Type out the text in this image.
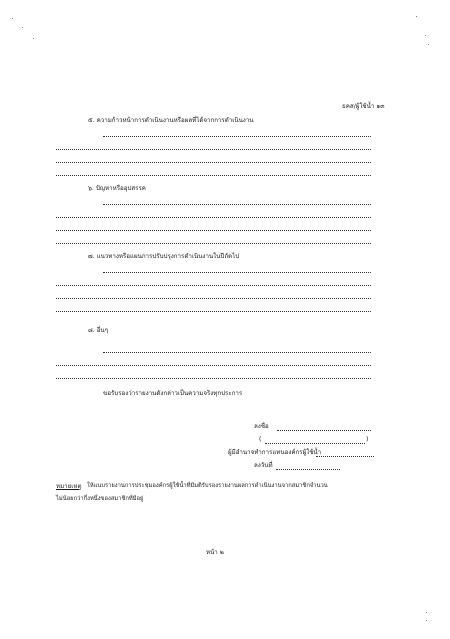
ธคส/ผู้ใช้น้ำ ๑๓
๕. ความก้าวหน้าการดำเนินงานหรือผลที่ได้จากการดำเนินงาน
๖. ปัญหาหรืออุปสรรค
๗. แนวทางหรือแผนการปรับปรุงการดำเนินงานในปีถัดไป
๘. อื่นๆ
ขอรับรองว่ารายงานดังกล่าวเป็นความจริงทุกประการ
ลงชื่อ
(	)
ผู้มีอำนาจทำการแทนองค์กรผู้ใช้น้ำ
ลงวันที่
หมายเหตุ ให้แนบรายงานการประชุมองค์กรผู้ใช้น้ำที่มีมติรับรองรายงานผลการดำเนินงานจากสมาชิกจำนวน
ไม่น้อยกว่ากึ่งหนึ่งของสมาชิกที่มีอยู่
หน้า ๒
